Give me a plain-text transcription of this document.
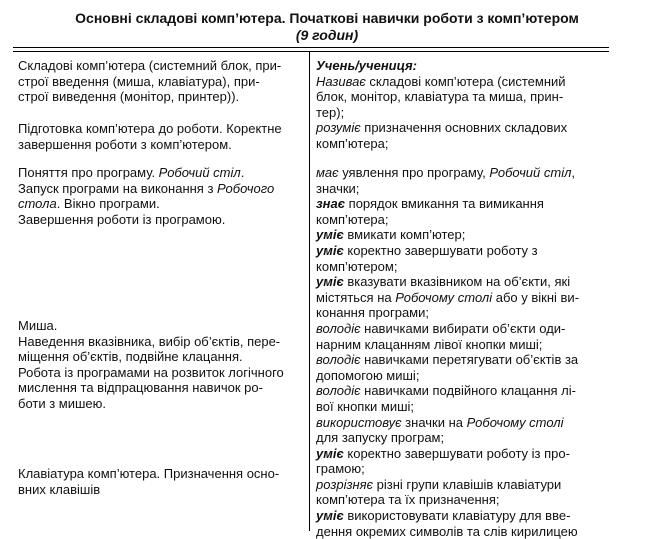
Основні складові комп’ютера. Початкові навички роботи з комп’ютером
(9 годин)
Складові комп’ютера (системний блок, при-
строї введення (миша, клавіатура), при-
строї виведення (монітор, принтер)).
Підготовка комп’ютера до роботи. Коректне
завершення роботи з комп’ютером.
Поняття про програму. Робочий стіл.
Запуск програми на виконання з Робочого
стола. Вікно програми.
Завершення роботи із програмою.
Миша.
Наведення вказівника, вибір об’єктів, пере-
міщення об’єктів, подвійне клацання.
Робота із програмами на розвиток логічного
мислення та відпрацювання навичок ро-
боти з мишею.
Клавіатура комп’ютера. Призначення осно-
вних клавішів
Учень/учениця:
Називає складові комп’ютера (системний
блок, монітор, клавіатура та миша, прин-
тер);
розуміє призначення основних складових
комп’ютера;
має уявлення про програму, Робочий стіл,
значки;
знає порядок вмикання та вимикання
комп’ютера;
уміє вмикати комп’ютер;
уміє коректно завершувати роботу з
комп’ютером;
уміє вказувати вказівником на об’єкти, які
містяться на Робочому столі або у вікні ви-
конання програми;
володіє навичками вибирати об’єкти оди-
нарним клацанням лівої кнопки миші;
володіє навичками перетягувати об’єктів за
допомогою миші;
володіє навичками подвійного клацання лі-
вої кнопки миші;
використовує значки на Робочому столі
для запуску програм;
уміє коректно завершувати роботу із про-
грамою;
розрізняє різні групи клавішів клавіатури
комп’ютера та їх призначення;
уміє використовувати клавіатуру для вве-
дення окремих символів та слів кирилицею
